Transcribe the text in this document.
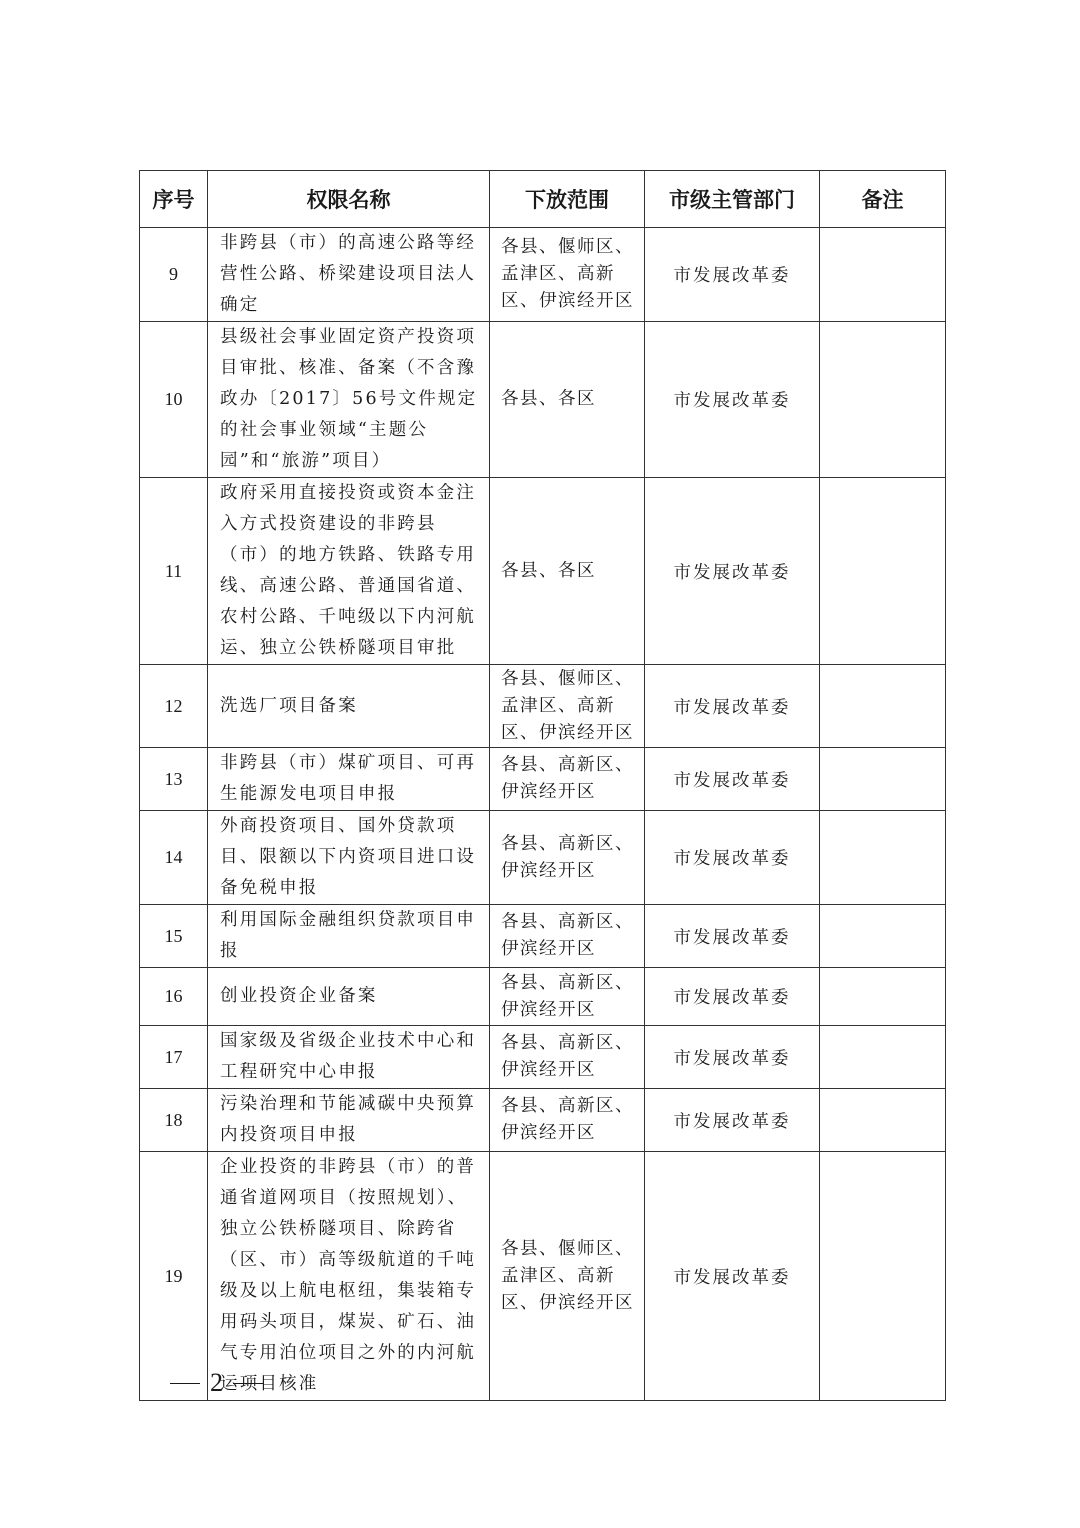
序号	权限名称	下放范围	市级主管部门	备注
9	非跨县（市）的高速公路等经营性公路、桥梁建设项目法人确定	各县、偃师区、孟津区、高新区、伊滨经开区	市发展改革委	
10	县级社会事业固定资产投资项目审批、核准、备案（不含豫政办〔2017〕56号文件规定的社会事业领域“主题公园”和“旅游”项目）	各县、各区	市发展改革委	
11	政府采用直接投资或资本金注入方式投资建设的非跨县（市）的地方铁路、铁路专用线、高速公路、普通国省道、农村公路、千吨级以下内河航运、独立公铁桥隧项目审批	各县、各区	市发展改革委	
12	洗选厂项目备案	各县、偃师区、孟津区、高新区、伊滨经开区	市发展改革委	
13	非跨县（市）煤矿项目、可再生能源发电项目申报	各县、高新区、伊滨经开区	市发展改革委	
14	外商投资项目、国外贷款项目、限额以下内资项目进口设备免税申报	各县、高新区、伊滨经开区	市发展改革委	
15	利用国际金融组织贷款项目申报	各县、高新区、伊滨经开区	市发展改革委	
16	创业投资企业备案	各县、高新区、伊滨经开区	市发展改革委	
17	国家级及省级企业技术中心和工程研究中心申报	各县、高新区、伊滨经开区	市发展改革委	
18	污染治理和节能减碳中央预算内投资项目申报	各县、高新区、伊滨经开区	市发展改革委	
19	企业投资的非跨县（市）的普通省道网项目（按照规划）、独立公铁桥隧项目、除跨省（区、市）高等级航道的千吨级及以上航电枢纽，集装箱专用码头项目，煤炭、矿石、油气专用泊位项目之外的内河航运项目核准	各县、偃师区、孟津区、高新区、伊滨经开区	市发展改革委	
2
